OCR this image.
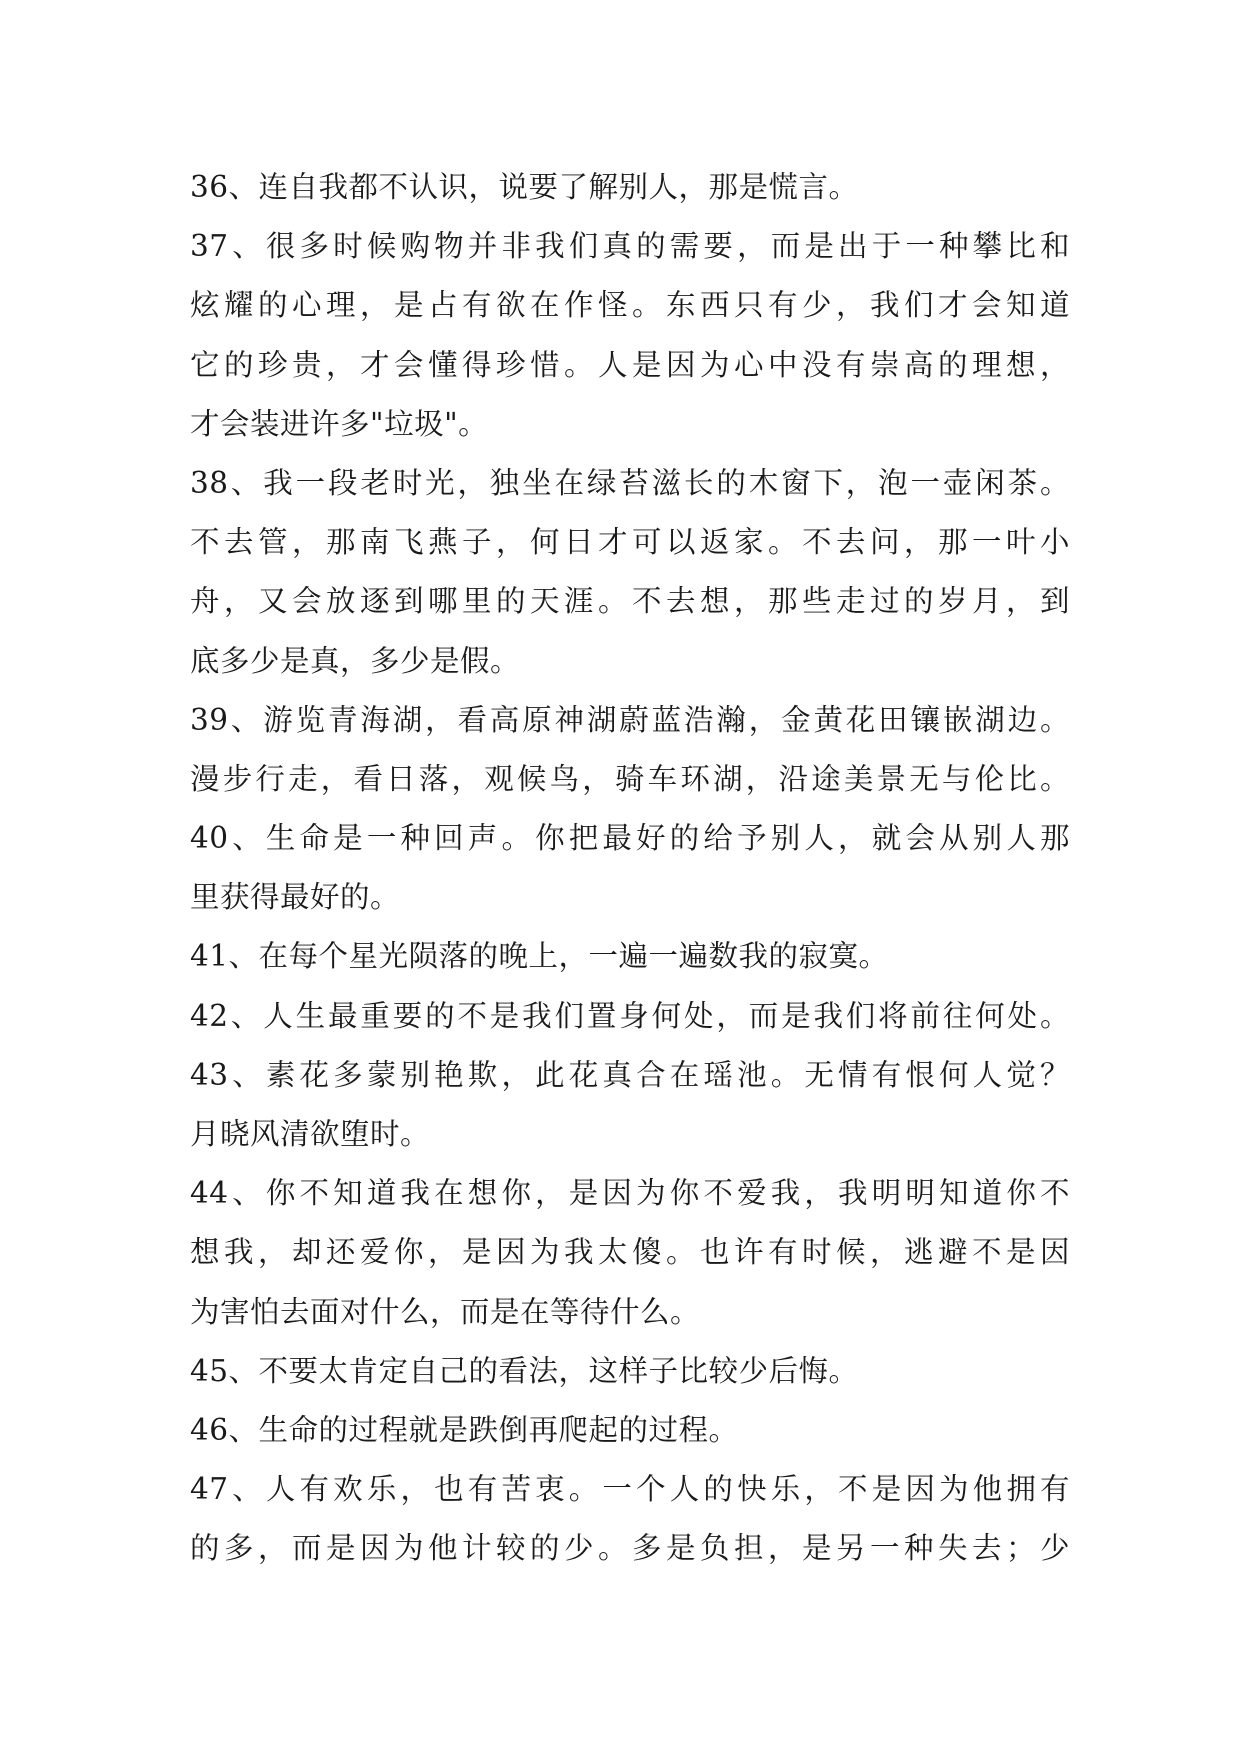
36、连自我都不认识，说要了解别人，那是慌言。
37、很多时候购物并非我们真的需要，而是出于一种攀比和
炫耀的心理，是占有欲在作怪。东西只有少，我们才会知道
它的珍贵，才会懂得珍惜。人是因为心中没有崇高的理想，
才会装进许多"垃圾"。
38、我一段老时光，独坐在绿苔滋长的木窗下，泡一壶闲茶。
不去管，那南飞燕子，何日才可以返家。不去问，那一叶小
舟，又会放逐到哪里的天涯。不去想，那些走过的岁月，到
底多少是真，多少是假。
39、游览青海湖，看高原神湖蔚蓝浩瀚，金黄花田镶嵌湖边。
漫步行走，看日落，观候鸟，骑车环湖，沿途美景无与伦比。
40、生命是一种回声。你把最好的给予别人，就会从别人那
里获得最好的。
41、在每个星光陨落的晚上，一遍一遍数我的寂寞。
42、人生最重要的不是我们置身何处，而是我们将前往何处。
43、素花多蒙别艳欺，此花真合在瑶池。无情有恨何人觉？
月晓风清欲堕时。
44、你不知道我在想你，是因为你不爱我，我明明知道你不
想我，却还爱你，是因为我太傻。也许有时候，逃避不是因
为害怕去面对什么，而是在等待什么。
45、不要太肯定自己的看法，这样子比较少后悔。
46、生命的过程就是跌倒再爬起的过程。
47、人有欢乐，也有苦衷。一个人的快乐，不是因为他拥有
的多，而是因为他计较的少。多是负担，是另一种失去；少
